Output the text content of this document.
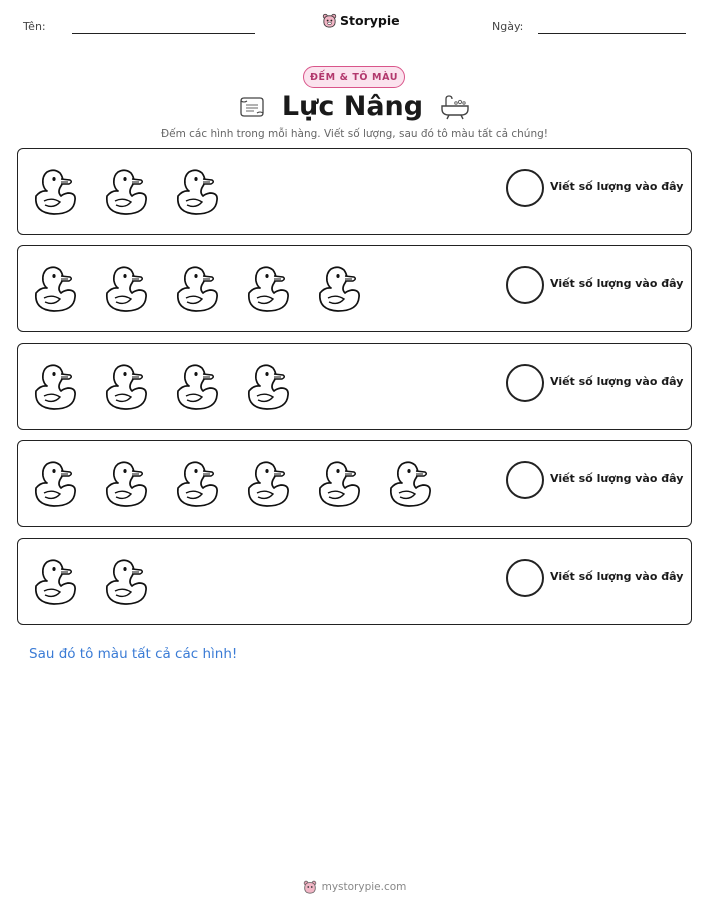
Tên:	Storypie	Ngày:
ĐẾM & TÔ MÀU
Lực Nâng
Đếm các hình trong mỗi hàng. Viết số lượng, sau đó tô màu tất cả chúng!
Viết số lượng vào đây
Viết số lượng vào đây
Viết số lượng vào đây
Viết số lượng vào đây
Viết số lượng vào đây
Sau đó tô màu tất cả các hình!
mystorypie.com
